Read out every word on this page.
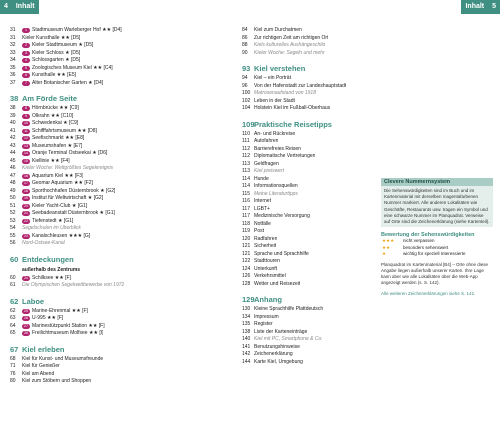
4 Inhalt	Inhalt 5
31	1	Stadtmuseum Warleberger Hof ★★ [D4]
31	Kieler Kunsthalle ★★ [D5]
32	2	Kieler Stadtmuseum ★ [D5]
33	3	Kieler Schloss ★ [D5]
34	4	Schlossgarten ★ [D5]
35	5	Zoologisches Museum Kiel ★★ [C4]
36	6	Kunsthalle ★★ [E5]
37	7	Alter Botanischer Garten ★ [D4]
38 Am Förde Seite
38	8	Hörnbrücke ★★ [C9]
39	9	Ölkrahn ★★ [C10]
40	10 Schwedenkai ★ [C9]
41	11 Schifffahrtsmuseum ★★ [D8]
42	12 Seefischmarkt ★★ [E8]
43	13 Museumshafen ★ [E7]
44	14 Oranje Terminal Ostseekai ★ [D6]
45	15 Kiellinie ★★ [F4]
46	Kieler Woche: Weltgrößtes Segelereignis
47	16 Aquarium Kiel ★★ [F3]
48	17 Geomar Aquarium ★★ [F2]
49	18 Sporthochhafen Düsternbrook ★ [G2]
50	19 Institut für Weltwirtschaft ★ [G2]
51	20 Kieler Yacht-Club ★ [G1]
52	21 Seebadeanstalt Düsternbrook ★ [G1]
53	22 Tiefenstedt ★ [G1]
54	Segelschulen im Überblick
55	23 Kanalschleusen ★★★ [G]
56	Nord-Ostsee-Kanal
60 Entdeckungen
außerhalb des Zentrums
60	24 Schilksee ★★ [F]
61	Die Olympischen Segelwettbewerbe von 1972
62 Laboe
62	25 Marine-Ehrenmal ★★ [F]
63	26 U-995 ★★ [F]
64	27 Marinestützpunkt Station ★★ [F]
65	28 Freilichtmuseum Molfsee ★★ [I]
67 Kiel erleben
68	Kiel für Kunst- und Museumsfreunde
71	Kiel für Genießer
76	Kiel am Abend
80	Kiel zum Stöbern und Shoppen
84	Kiel zum Durchatmen
86	Zur richtigen Zeit am richtigen Ort
88	Kiels kulturelles Aushängeschild
90	Kieler Woche: Segeln und mehr
93 Kiel verstehen
94	Kiel – ein Porträt
96	Von der Hafenstadt zur Landeshauptstadt
100 Matrosenaufstand von 1918
102 Leben in der Stadt
104 Holstein Kiel im Fußball-Oberhaus
109 Praktische Reisetipps
110 An- und Rückreise
111 Autofahren
112 Barrierefreies Reisen
112 Diplomatische Vertretungen
113 Geldfragen
113 Kiel preiswert
114 Hunde
114 Informationsquellen
115 Meine Literaturtipps
116 Internet
117 LGBT+
117 Medizinische Versorgung
118 Notfälle
119 Post
120 Radfahren
121 Sicherheit
121 Sprache und Sprachhilfe
122 Stadttouren
124 Unterkunft
126 Verkehrsmittel
128 Wetter und Reisezeit
129 Anhang
130 Kleine Sprachhilfe Plattdeutsch
134 Impressum
135 Register
138 Liste der Karteneinträge
140 Kiel mit PC, Smartphone & Co.
141 Benutzungshinweise
142 Zeichenerklärung
144 Karte Kiel, Umgebung
Clevere Nummernsystem
Die Sehenswürdigkeiten sind im Buch und im Kartenmaterial mit derselben magentafarbenen Nummer markiert. Alle anderen Lokalitäten wie Geschäfte, Restaurants usw. tragen ein Symbol und eine schwarze Nummer im Planquadrat. Verweise auf Orte sind die Zeichenerklärung (siehe Kartenteil).
Bewertung der Sehenswürdigkeiten
★★★	nicht verpassen
★★	besonders sehenswert
★	wichtig für speziell Interessierte
Planquadrat im Kartenmaterial [B4] – Orte ohne diese Angabe liegen außerhalb unserer Karten. Ihre Lage kann aber wie alle Lokalitäten über die Web-App angezeigt werden (s. S. 142).
Alle weiteren Zeichenerklärungen siehe S. 142.
